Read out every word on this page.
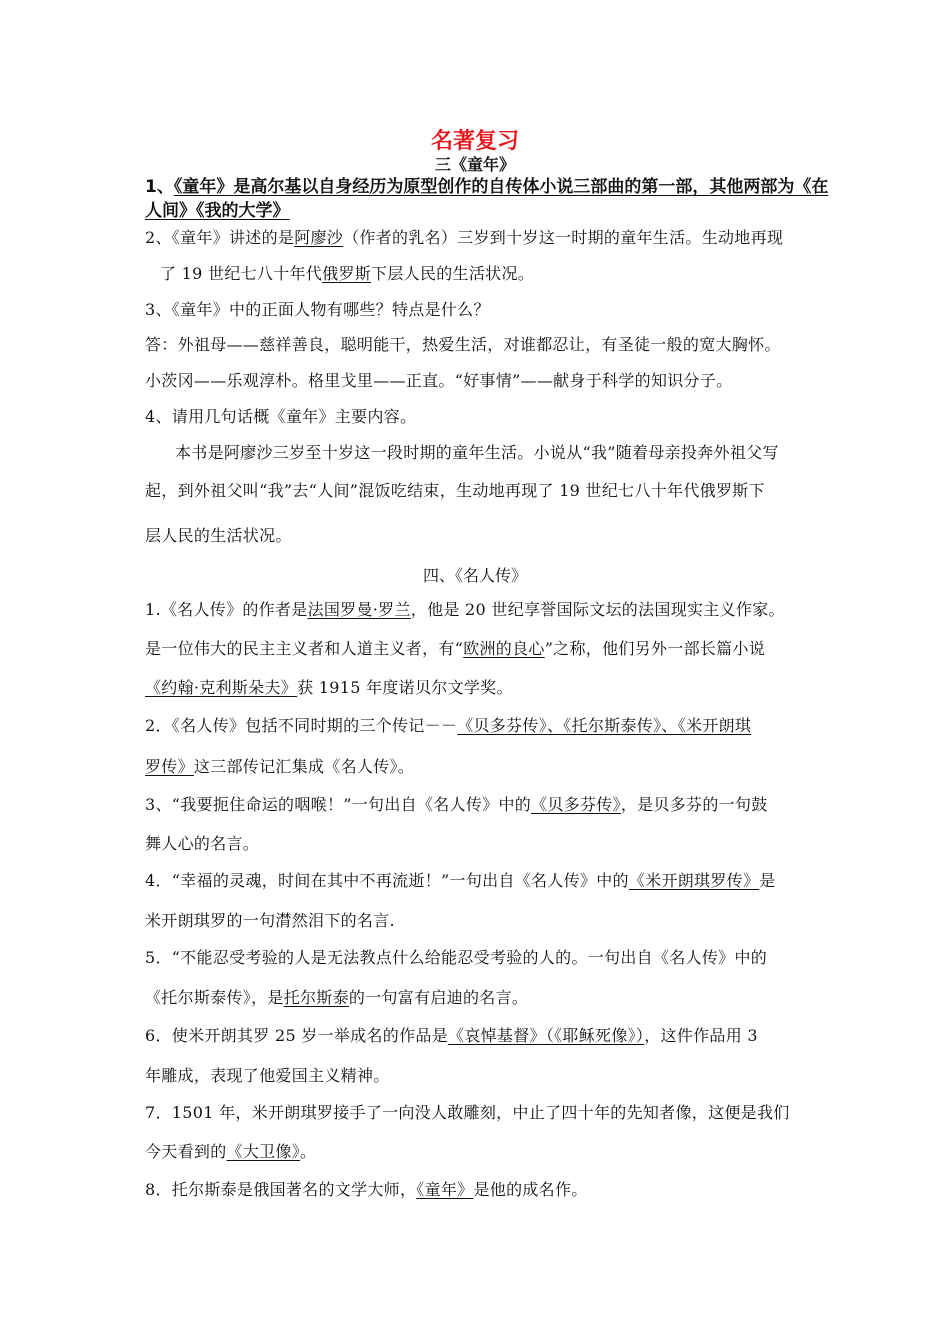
名著复习
三《童年》
1、《童年》是高尔基以自身经历为原型创作的自传体小说三部曲的第一部，其他两部为《在
人间》《我的大学》
2、《童年》讲述的是阿廖沙（作者的乳名）三岁到十岁这一时期的童年生活。生动地再现
了 19 世纪七八十年代俄罗斯下层人民的生活状况。
3、《童年》中的正面人物有哪些？特点是什么？
答：外祖母——慈祥善良，聪明能干，热爱生活，对谁都忍让，有圣徒一般的宽大胸怀。
小茨冈——乐观淳朴。格里戈里——正直。“好事情”——献身于科学的知识分子。
4、请用几句话概《童年》主要内容。
本书是阿廖沙三岁至十岁这一段时期的童年生活。小说从“我”随着母亲投奔外祖父写
起，到外祖父叫“我”去“人间”混饭吃结束，生动地再现了 19 世纪七八十年代俄罗斯下
层人民的生活状况。
四、《名人传》
1.《名人传》的作者是法国罗曼·罗兰，他是 20 世纪享誉国际文坛的法国现实主义作家。
是一位伟大的民主主义者和人道主义者，有“欧洲的良心”之称，他们另外一部长篇小说
《约翰·克利斯朵夫》获 1915 年度诺贝尔文学奖。
2．《名人传》包括不同时期的三个传记－－《贝多芬传》、《托尔斯泰传》、《米开朗琪
罗传》这三部传记汇集成《名人传》。
3、“我要扼住命运的咽喉！”一句出自《名人传》中的《贝多芬传》，是贝多芬的一句鼓
舞人心的名言。
4．“幸福的灵魂，时间在其中不再流逝！”一句出自《名人传》中的《米开朗琪罗传》是
米开朗琪罗的一句潸然泪下的名言.
5．“不能忍受考验的人是无法教点什么给能忍受考验的人的。一句出自《名人传》中的
《托尔斯泰传》，是托尔斯泰的一句富有启迪的名言。
6．使米开朗其罗 25 岁一举成名的作品是《哀悼基督》（《耶稣死像》），这件作品用 3
年雕成，表现了他爱国主义精神。
7．1501 年，米开朗琪罗接手了一向没人敢雕刻，中止了四十年的先知者像，这便是我们
今天看到的《大卫像》。
8．托尔斯泰是俄国著名的文学大师，《童年》是他的成名作。
